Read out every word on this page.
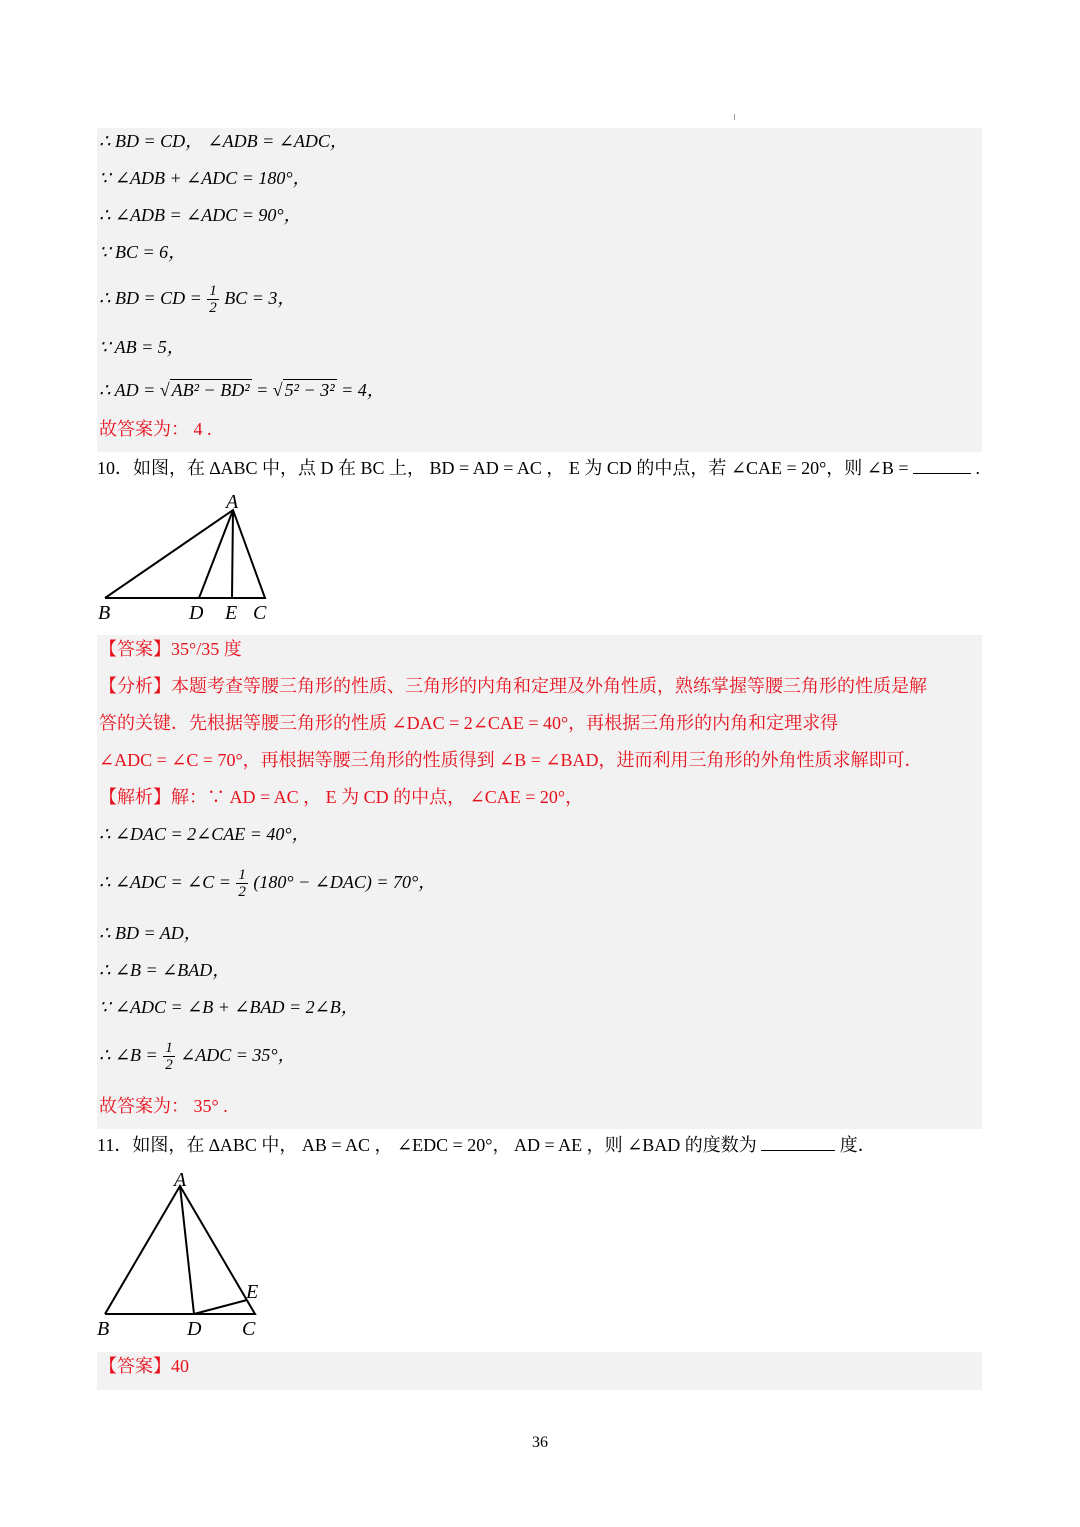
∴ BD = CD， ∠ADB = ∠ADC，
∵ ∠ADB + ∠ADC = 180°，
∴ ∠ADB = ∠ADC = 90°，
∵ BC = 6，
∴ BD = CD = $\frac{1}{2}$ BC = 3，
∵ AB = 5，
∴ AD = √ AB² − BD² = √ 5² − 3² = 4，
故答案为： 4 .
10．如图，在 ∆ABC 中，点 D 在 BC 上， BD = AD = AC ， E 为 CD 的中点，若 ∠CAE = 20°，则 ∠B =	.
A
B	D E C
【答案】35°/35 度
【分析】本题考查等腰三角形的性质、三角形的内角和定理及外角性质，熟练掌握等腰三角形的性质是解
答的关键．先根据等腰三角形的性质 ∠DAC = 2∠CAE = 40°，再根据三角形的内角和定理求得
∠ADC = ∠C = 70°，再根据等腰三角形的性质得到 ∠B = ∠BAD，进而利用三角形的外角性质求解即可．
【解析】解：∵ AD = AC ， E 为 CD 的中点， ∠CAE = 20°，
∴ ∠DAC = 2∠CAE = 40°，
∴ ∠ADC = ∠C = $\frac{1}{2} (180^\circ$ − ∠DAC) = 70°，
∴ BD = AD，
∴ ∠B = ∠BAD，
∵ ∠ADC = ∠B + ∠BAD = 2∠B，
∴ ∠B = $\frac{1}{2}$ ∠ADC = 35°，
故答案为： 35° .
11．如图，在 ∆ABC 中， AB = AC ， ∠EDC = 20°， AD = AE ，则 ∠BAD 的度数为	度．
A
B	D C
E
【答案】40
36
